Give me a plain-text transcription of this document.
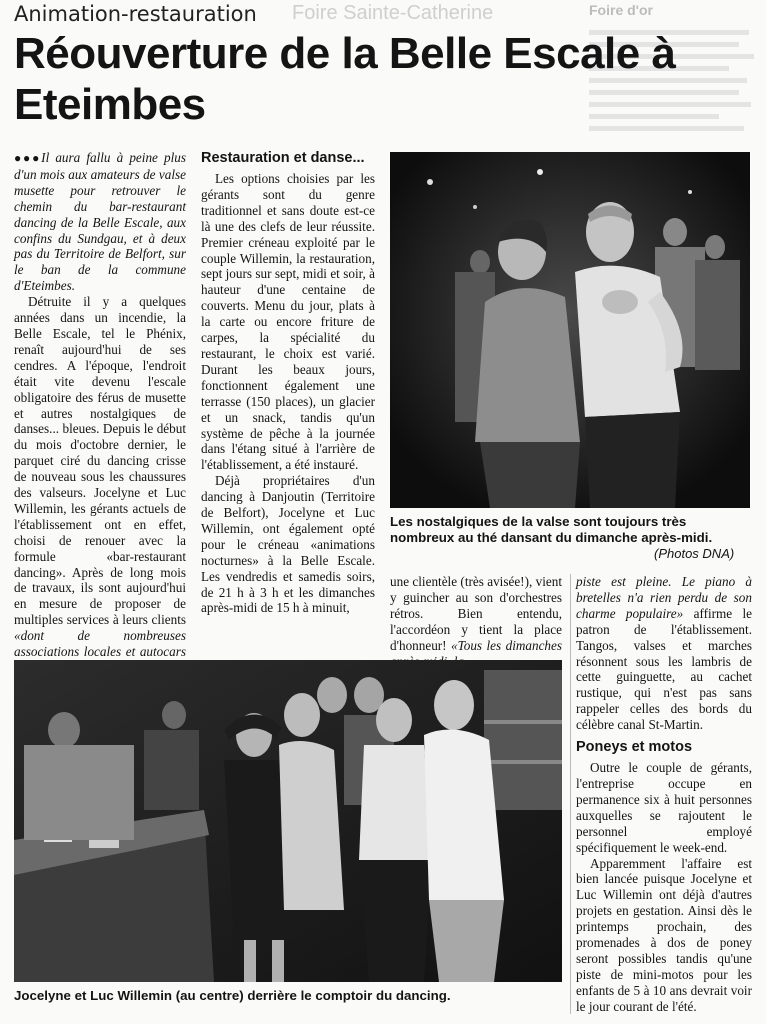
Foire Sainte-Catherine
Animation-restauration	Foire d'or
Réouverture de la Belle Escale à Eteimbes

●●●Il aura fallu à peine plus d'un mois aux amateurs de valse musette pour retrouver le chemin du bar-restaurant dancing de la Belle Escale, aux confins du Sundgau, et à deux pas du Territoire de Belfort, sur le ban de la commune d'Eteimbes.

Détruite il y a quelques années dans un incendie, la Belle Escale, tel le Phénix, renaît aujourd'hui de ses cendres. A l'époque, l'endroit était vite devenu l'escale obligatoire des férus de musette et autres nostalgiques de danses... bleues. Depuis le début du mois d'octobre dernier, le parquet ciré du dancing crisse de nouveau sous les chaussures des valseurs. Jocelyne et Luc Willemin, les gérants actuels de l'établissement ont en effet, choisi de renouer avec la formule «bar-restaurant dancing». Après de long mois de travaux, ils sont aujourd'hui en mesure de proposer de multiples services à leurs clients «dont de nombreuses associations locales et autocars

Restauration et danse...

Les options choisies par les gérants sont du genre traditionnel et sans doute est-ce là une des clefs de leur réussite. Premier créneau exploité par le couple Willemin, la restauration, sept jours sur sept, midi et soir, à hauteur d'une centaine de couverts. Menu du jour, plats à la carte ou encore friture de carpes, la spécialité du restaurant, le choix est varié. Durant les beaux jours, fonctionnent également une terrasse (150 places), un glacier et un snack, tandis qu'un système de pêche à la journée dans l'étang situé à l'arrière de l'établissement, a été instauré.

Déjà propriétaires d'un dancing à Danjoutin (Territoire de Belfort), Jocelyne et Luc Willemin, ont également opté pour le créneau «animations nocturnes» à la Belle Escale. Les vendredis et samedis soirs, de 21 h à 3 h et les dimanches après-midi de 15 h à minuit,

Les nostalgiques de la valse sont toujours très nombreux au thé dansant du dimanche après-midi.
(Photos DNA)

une clientèle (très avisée!), vient y guincher au son d'orchestres rétros. Bien entendu, l'accordéon y tient la place d'honneur! «Tous les dimanches

piste est pleine. Le piano à bretelles n'a rien perdu de son charme populaire» affirme le patron de l'établissement. Tangos, valses et marches résonnent sous les lambris de cette guinguette, au cachet rustique, qui n'est pas sans rappeler celles des bords du célèbre canal St-Martin.

Poneys et motos

Outre le couple de gérants, l'entreprise occupe en permanence six à huit personnes auxquelles se rajoutent le personnel employé spécifiquement le week-end.

Apparemment l'affaire est bien lancée puisque Jocelyne et Luc Willemin ont déjà d'autres projets en gestation. Ainsi dès le printemps prochain, des promenades à dos de poney seront possibles tandis qu'une piste de mini-motos pour les enfants de 5 à 10 ans devrait voir le jour courant de l'été.

Jocelyne et Luc Willemin (au centre) derrière le comptoir du dancing.
